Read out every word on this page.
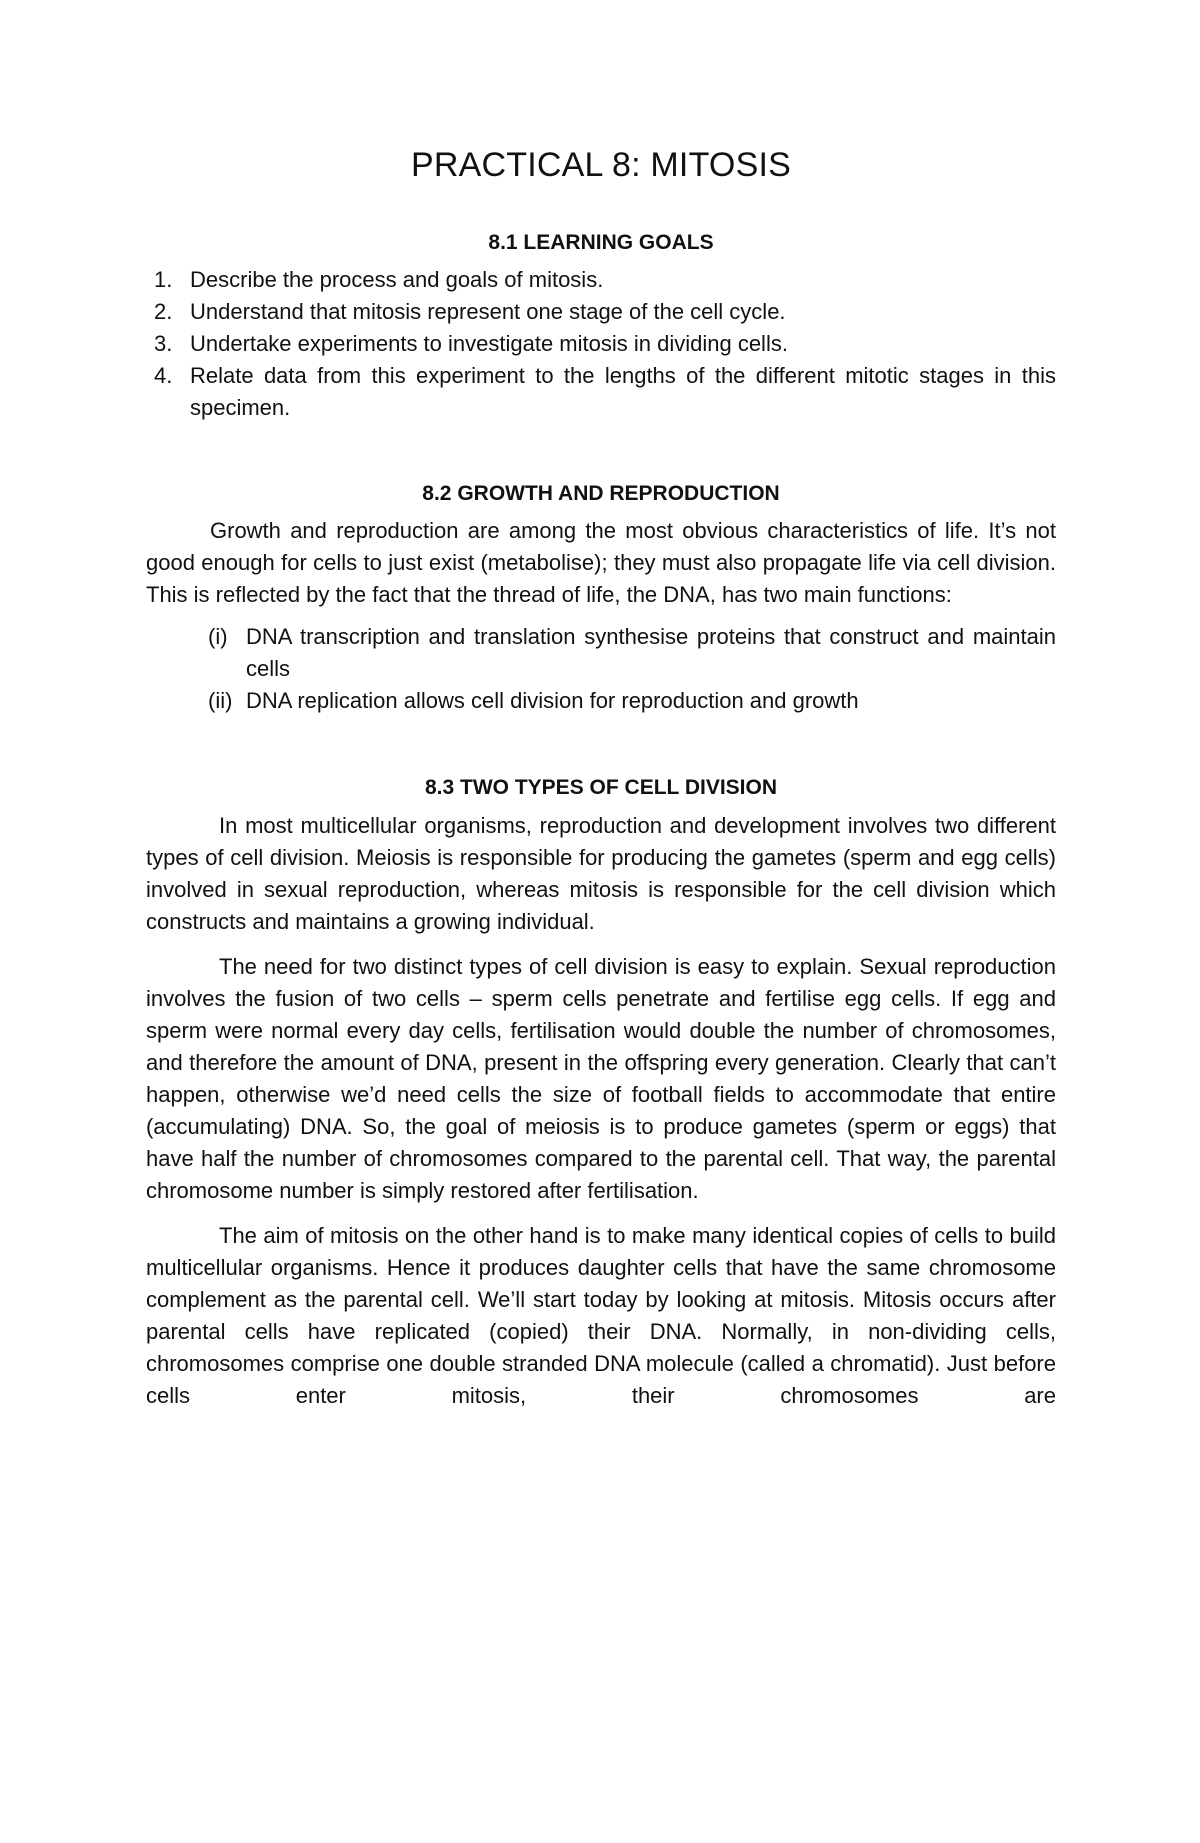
PRACTICAL 8: MITOSIS
8.1 LEARNING GOALS
1. Describe the process and goals of mitosis.
2. Understand that mitosis represent one stage of the cell cycle.
3. Undertake experiments to investigate mitosis in dividing cells.
4. Relate data from this experiment to the lengths of the different mitotic stages in this specimen.
8.2 GROWTH AND REPRODUCTION

Growth and reproduction are among the most obvious characteristics of life. It’s not good enough for cells to just exist (metabolise); they must also propagate life via cell division. This is reflected by the fact that the thread of life, the DNA, has two main functions:

(i) DNA transcription and translation synthesise proteins that construct and maintain cells
(ii) DNA replication allows cell division for reproduction and growth
8.3 TWO TYPES OF CELL DIVISION

In most multicellular organisms, reproduction and development involves two different types of cell division. Meiosis is responsible for producing the gametes (sperm and egg cells) involved in sexual reproduction, whereas mitosis is responsible for the cell division which constructs and maintains a growing individual.

The need for two distinct types of cell division is easy to explain. Sexual reproduction involves the fusion of two cells – sperm cells penetrate and fertilise egg cells. If egg and sperm were normal every day cells, fertilisation would double the number of chromosomes, and therefore the amount of DNA, present in the offspring every generation. Clearly that can’t happen, otherwise we’d need cells the size of football fields to accommodate that entire (accumulating) DNA. So, the goal of meiosis is to produce gametes (sperm or eggs) that have half the number of chromosomes compared to the parental cell. That way, the parental chromosome number is simply restored after fertilisation.

The aim of mitosis on the other hand is to make many identical copies of cells to build multicellular organisms. Hence it produces daughter cells that have the same chromosome complement as the parental cell. We’ll start today by looking at mitosis. Mitosis occurs after parental cells have replicated (copied) their DNA. Normally, in non-dividing cells, chromosomes comprise one double stranded DNA molecule (called a chromatid). Just before cells enter mitosis, their chromosomes are
